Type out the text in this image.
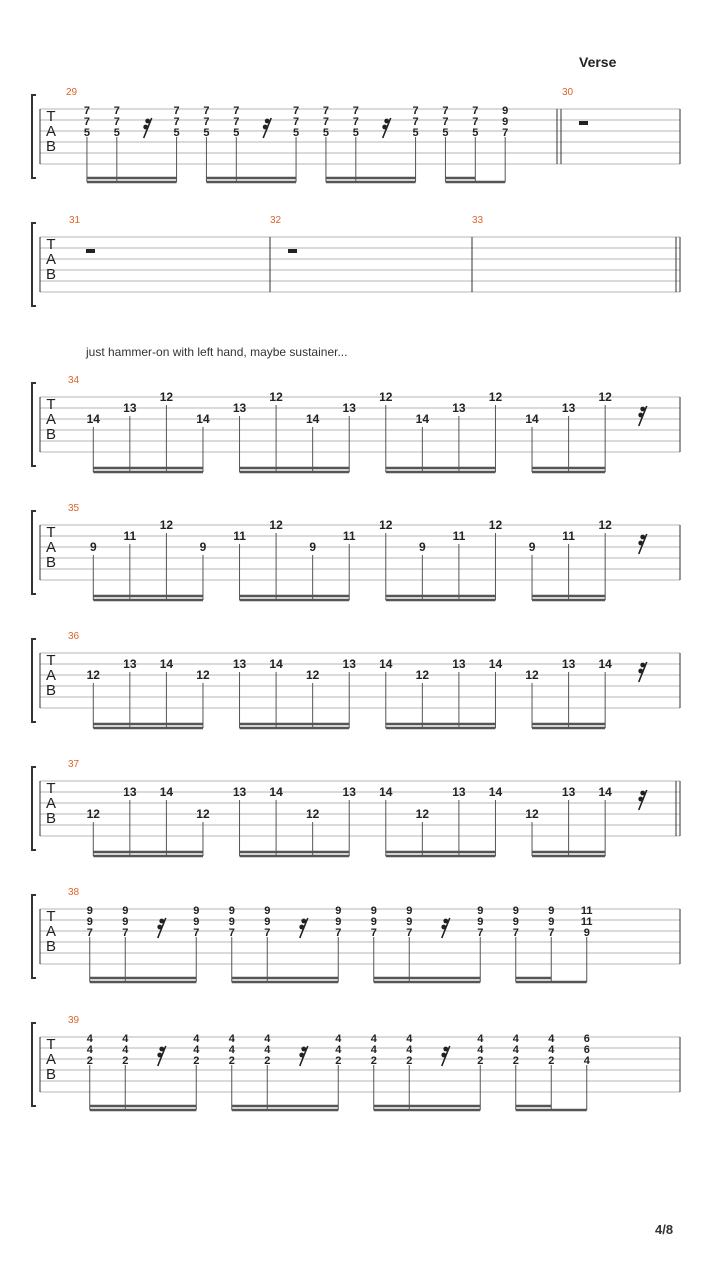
Verse
just hammer-on with left hand, maybe sustainer...
4/8
T
A
B
29
7
7
5
7
7
5
7
7
5
7
7
5
7
7
5
7
7
5
7
7
5
7
7
5
7
7
5
7
7
5
7
7
5
9
9
7
30
T
A
B
31	32	33
T
A
B
34
14
13
12
14
13
12
14
13
12
14
13
12
14
13
12
T
A
B
35
9
11
12
9
11
12
9
11
12
9
11
12
9
11
12
T
A
B
36
12
13 14
12
13 14
12
13 14
12
13 14
12
13 14
T
A
B
37
12
13 14
12
13 14
12
13 14
12
13 14
12
13 14
T
A
B
38
9
9
7
9
9
7
9
9
7
9
9
7
9
9
7
9
9
7
9
9
7
9
9
7
9
9
7
9
9
7
9
9
7
11
11
9
T
A
B
39
4
4
2
4
4
2
4
4
2
4
4
2
4
4
2
4
4
2
4
4
2
4
4
2
4
4
2
4
4
2
4
4
2
6
6
4
